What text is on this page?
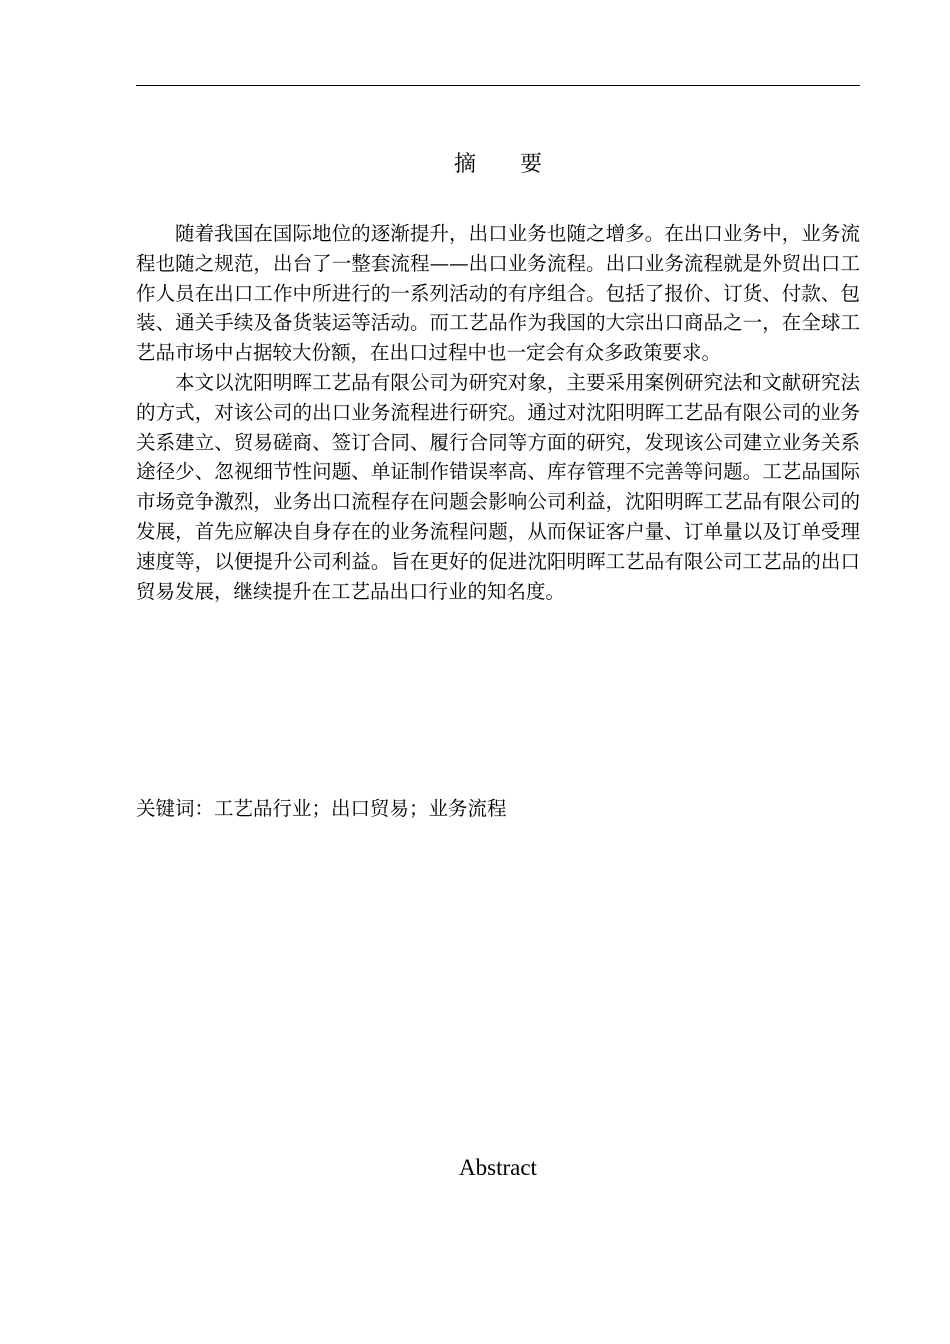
摘 要

随着我国在国际地位的逐渐提升，出口业务也随之增多。在出口业务中，业务流程也随之规范，出台了一整套流程——出口业务流程。出口业务流程就是外贸出口工作人员在出口工作中所进行的一系列活动的有序组合。包括了报价、订货、付款、包装、通关手续及备货装运等活动。而工艺品作为我国的大宗出口商品之一，在全球工艺品市场中占据较大份额，在出口过程中也一定会有众多政策要求。

本文以沈阳明晖工艺品有限公司为研究对象，主要采用案例研究法和文献研究法的方式，对该公司的出口业务流程进行研究。通过对沈阳明晖工艺品有限公司的业务关系建立、贸易磋商、签订合同、履行合同等方面的研究，发现该公司建立业务关系途径少、忽视细节性问题、单证制作错误率高、库存管理不完善等问题。工艺品国际市场竞争激烈，业务出口流程存在问题会影响公司利益，沈阳明晖工艺品有限公司的发展，首先应解决自身存在的业务流程问题，从而保证客户量、订单量以及订单受理速度等，以便提升公司利益。旨在更好的促进沈阳明晖工艺品有限公司工艺品的出口贸易发展，继续提升在工艺品出口行业的知名度。

关键词：工艺品行业；出口贸易；业务流程
Abstract
